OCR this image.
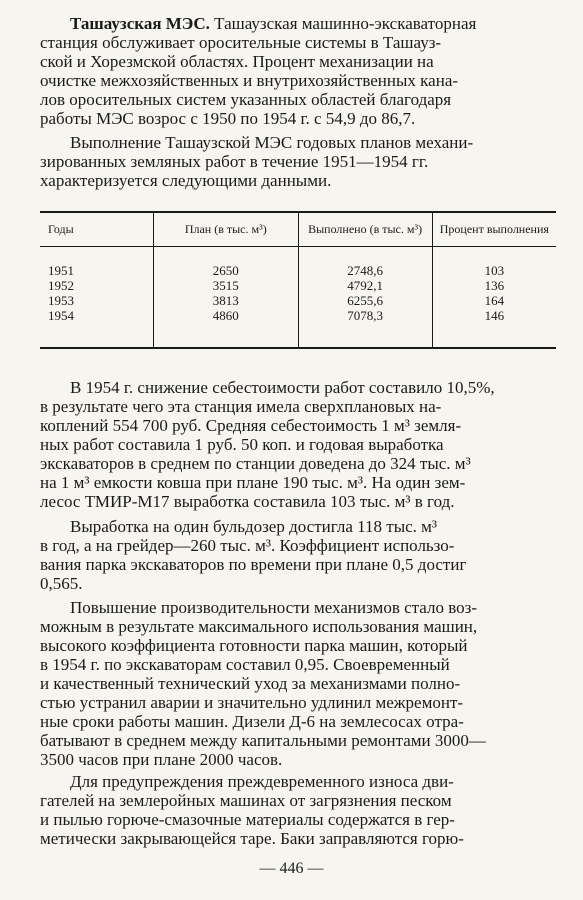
Ташаузская МЭС. Ташаузская машинно-экскаваторная
станция обслуживает оросительные системы в Ташауз-
ской и Хорезмской областях. Процент механизации на
очистке межхозяйственных и внутрихозяйственных кана-
лов оросительных систем указанных областей благодаря
работы МЭС возрос с 1950 по 1954 г. с 54,9 до 86,7.
Выполнение Ташаузской МЭС годовых планов механи-
зированных земляных работ в течение 1951—1954 гг.
характеризуется следующими данными.
Годы	План (в тыс. м³)	Выполнено (в тыс. м³)	Процент выполнения
1951	2650	2748,6	103
1952	3515	4792,1	136
1953	3813	6255,6	164
1954	4860	7078,3	146
В 1954 г. снижение себестоимости работ составило 10,5%,
в результате чего эта станция имела сверхплановых на-
коплений 554 700 руб. Средняя себестоимость 1 м³ земля-
ных работ составила 1 руб. 50 коп. и годовая выработка
экскаваторов в среднем по станции доведена до 324 тыс. м³
на 1 м³ емкости ковша при плане 190 тыс. м³. На один зем-
лесос ТМИР-М17 выработка составила 103 тыс. м³ в год.
Выработка на один бульдозер достигла 118 тыс. м³
в год, а на грейдер—260 тыс. м³. Коэффициент использо-
вания парка экскаваторов по времени при плане 0,5 достиг
0,565.
Повышение производительности механизмов стало воз-
можным в результате максимального использования машин,
высокого коэффициента готовности парка машин, который
в 1954 г. по экскаваторам составил 0,95. Своевременный
и качественный технический уход за механизмами полно-
стью устранил аварии и значительно удлинил межремонт-
ные сроки работы машин. Дизели Д-6 на землесосах отра-
батывают в среднем между капитальными ремонтами 3000—
3500 часов при плане 2000 часов.
Для предупреждения преждевременного износа дви-
гателей на землеройных машинах от загрязнения песком
и пылью горюче-смазочные материалы содержатся в гер-
метически закрывающейся таре. Баки заправляются горю-
— 446 —
